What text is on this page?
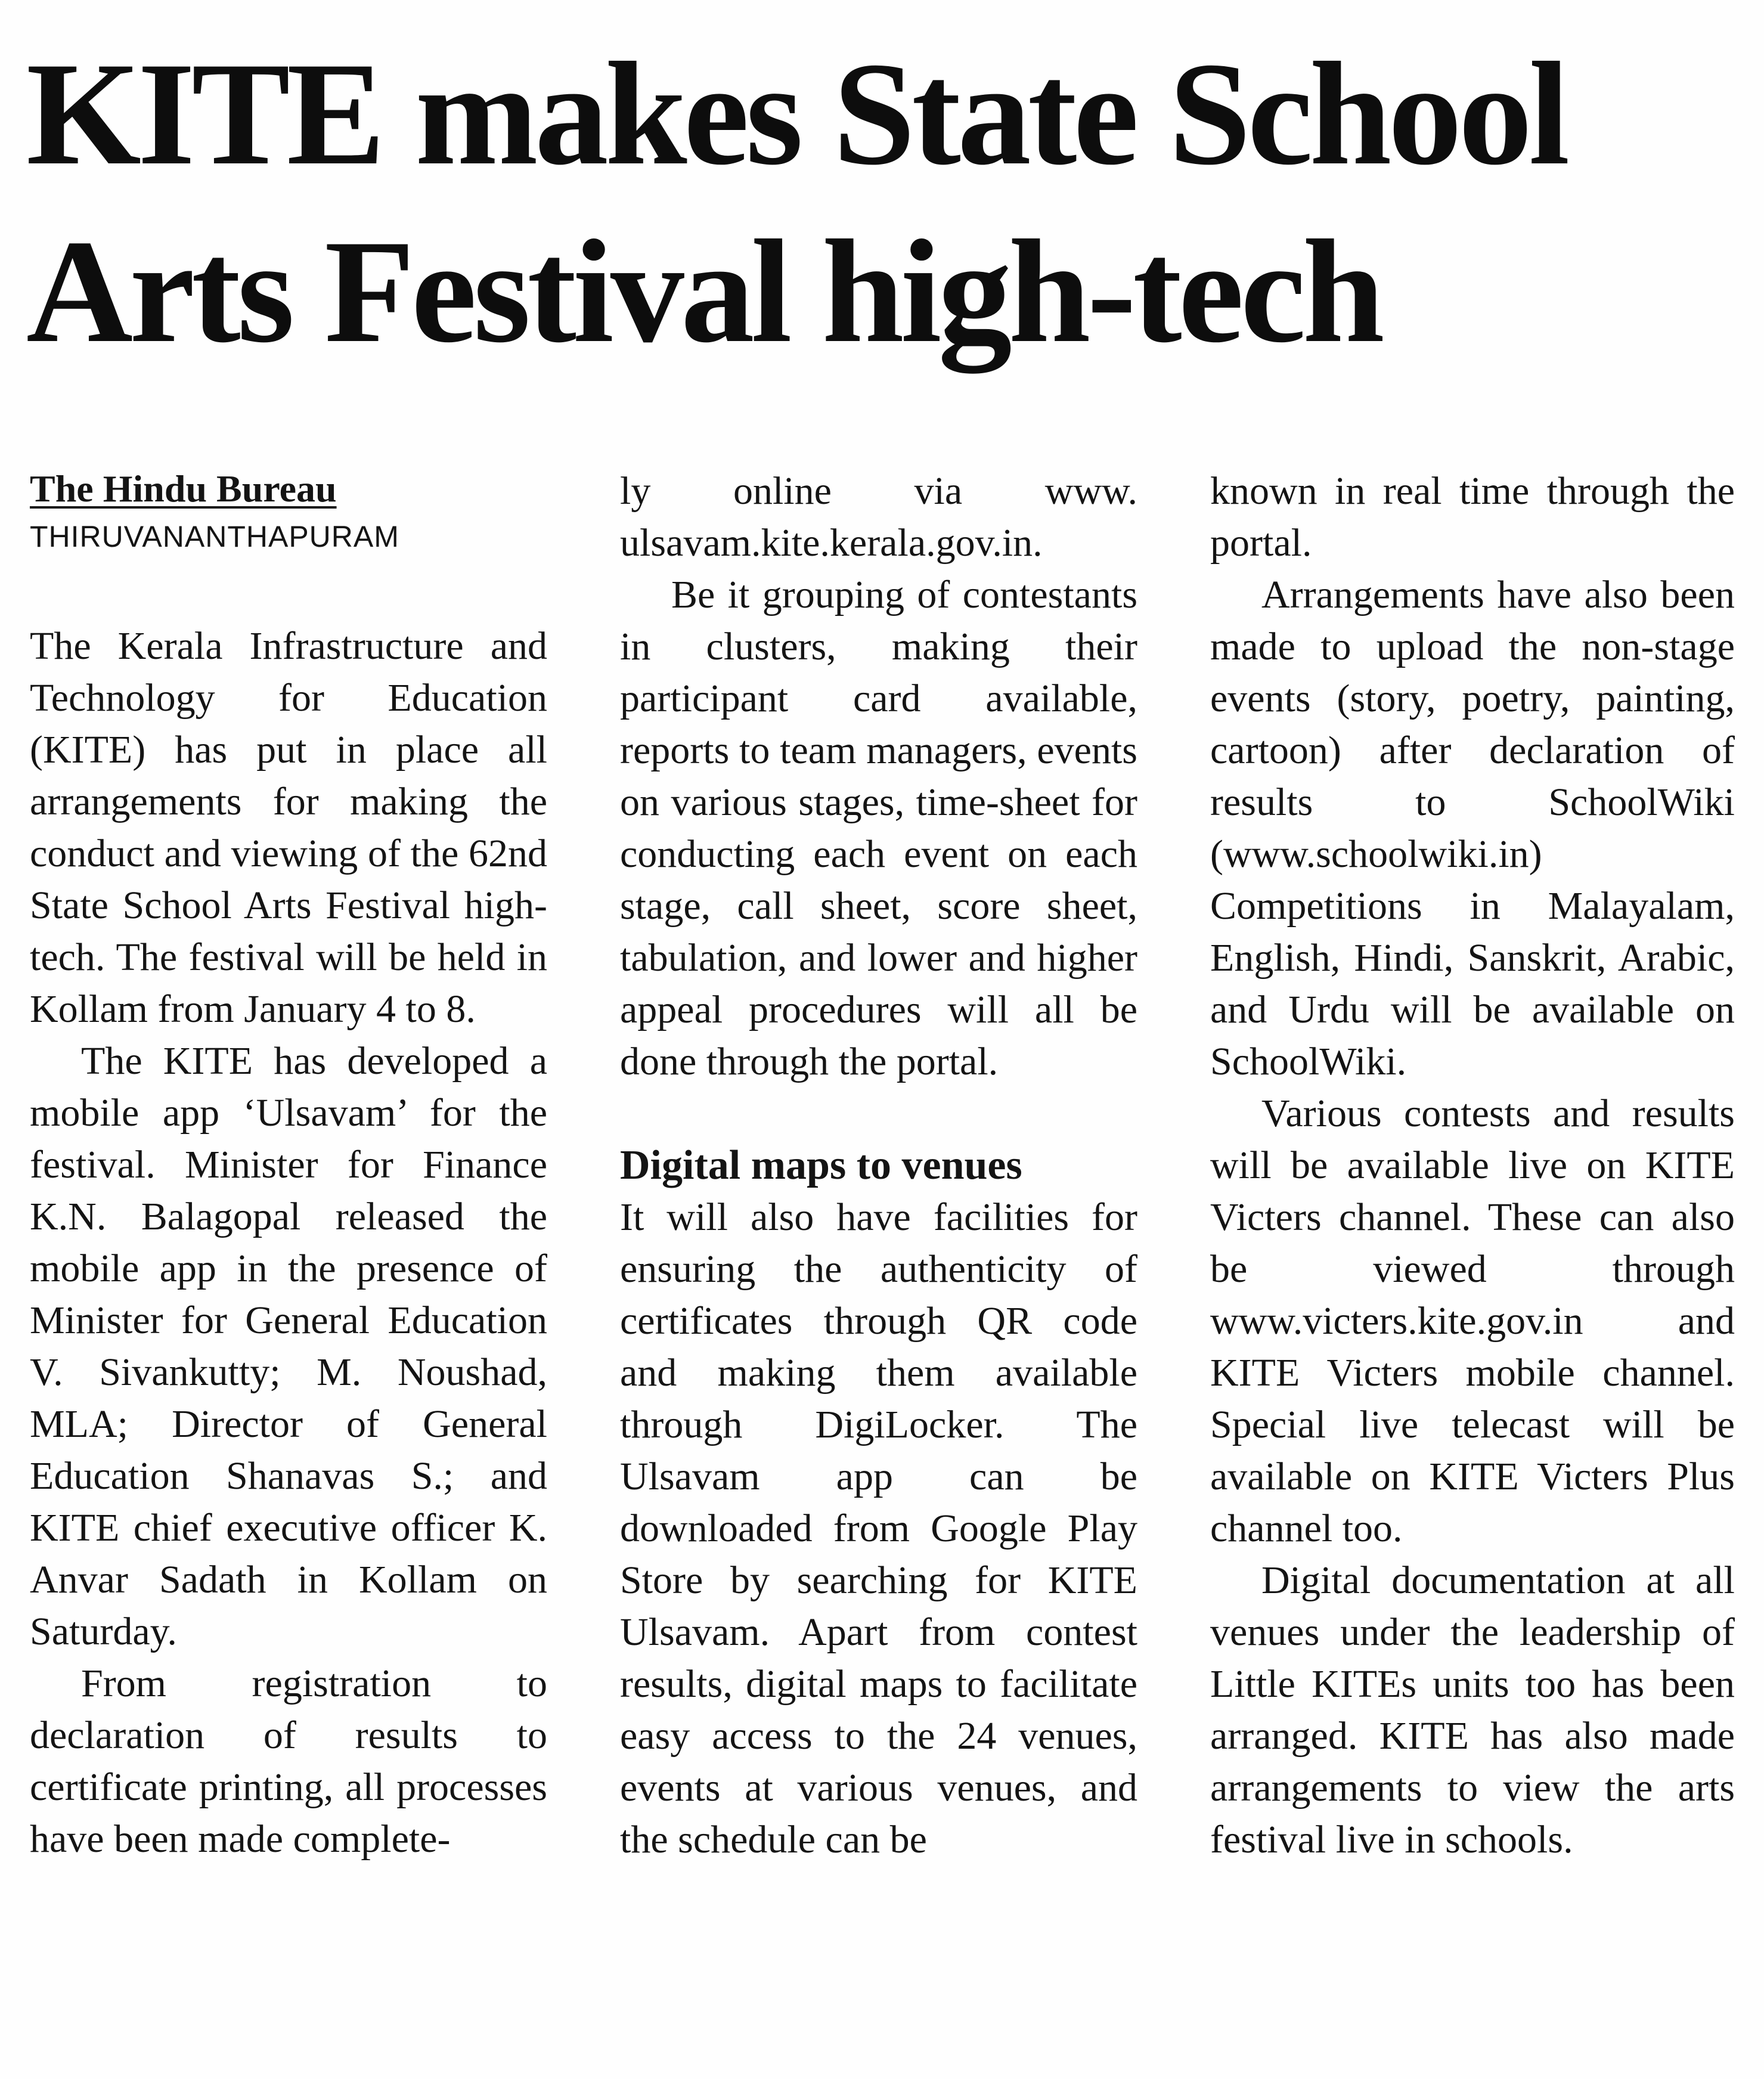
KITE makes State School
Arts Festival high-tech

The Hindu Bureau

THIRUVANANTHAPURAM

The Kerala Infrastructure and Technology for Education (KITE) has put in place all arrangements for making the conduct and viewing of the 62nd State School Arts Festival high-tech. The festival will be held in Kollam from January 4 to 8.

The KITE has developed a mobile app ‘Ulsavam’ for the festival. Minister for Finance K.N. Balagopal released the mobile app in the presence of Minister for General Education V. Sivankutty; M. Noushad, MLA; Director of General Education Shanavas S.; and KITE chief executive officer K. Anvar Sadath in Kollam on Saturday.

From registration to declaration of results to certificate printing, all processes have been made complete-

ly online via www. ulsavam.kite.kerala.gov.in.

Be it grouping of contestants in clusters, making their participant card available, reports to team managers, events on various stages, time-sheet for conducting each event on each stage, call sheet, score sheet, tabulation, and lower and higher appeal procedures will all be done through the portal.

Digital maps to venues

It will also have facilities for ensuring the authenticity of certificates through QR code and making them available through DigiLocker. The Ulsavam app can be downloaded from Google Play Store by searching for KITE Ulsavam. Apart from contest results, digital maps to facilitate easy access to the 24 venues, events at various venues, and the schedule can be

known in real time through the portal.

Arrangements have also been made to upload the non-stage events (story, poetry, painting, cartoon) after declaration of results to SchoolWiki (www.schoolwiki.in) Competitions in Malayalam, English, Hindi, Sanskrit, Arabic, and Urdu will be available on SchoolWiki.

Various contests and results will be available live on KITE Victers channel. These can also be viewed through www.victers.kite.gov.in and KITE Victers mobile channel. Special live telecast will be available on KITE Victers Plus channel too.

Digital documentation at all venues under the leadership of Little KITEs units too has been arranged. KITE has also made arrangements to view the arts festival live in schools.
